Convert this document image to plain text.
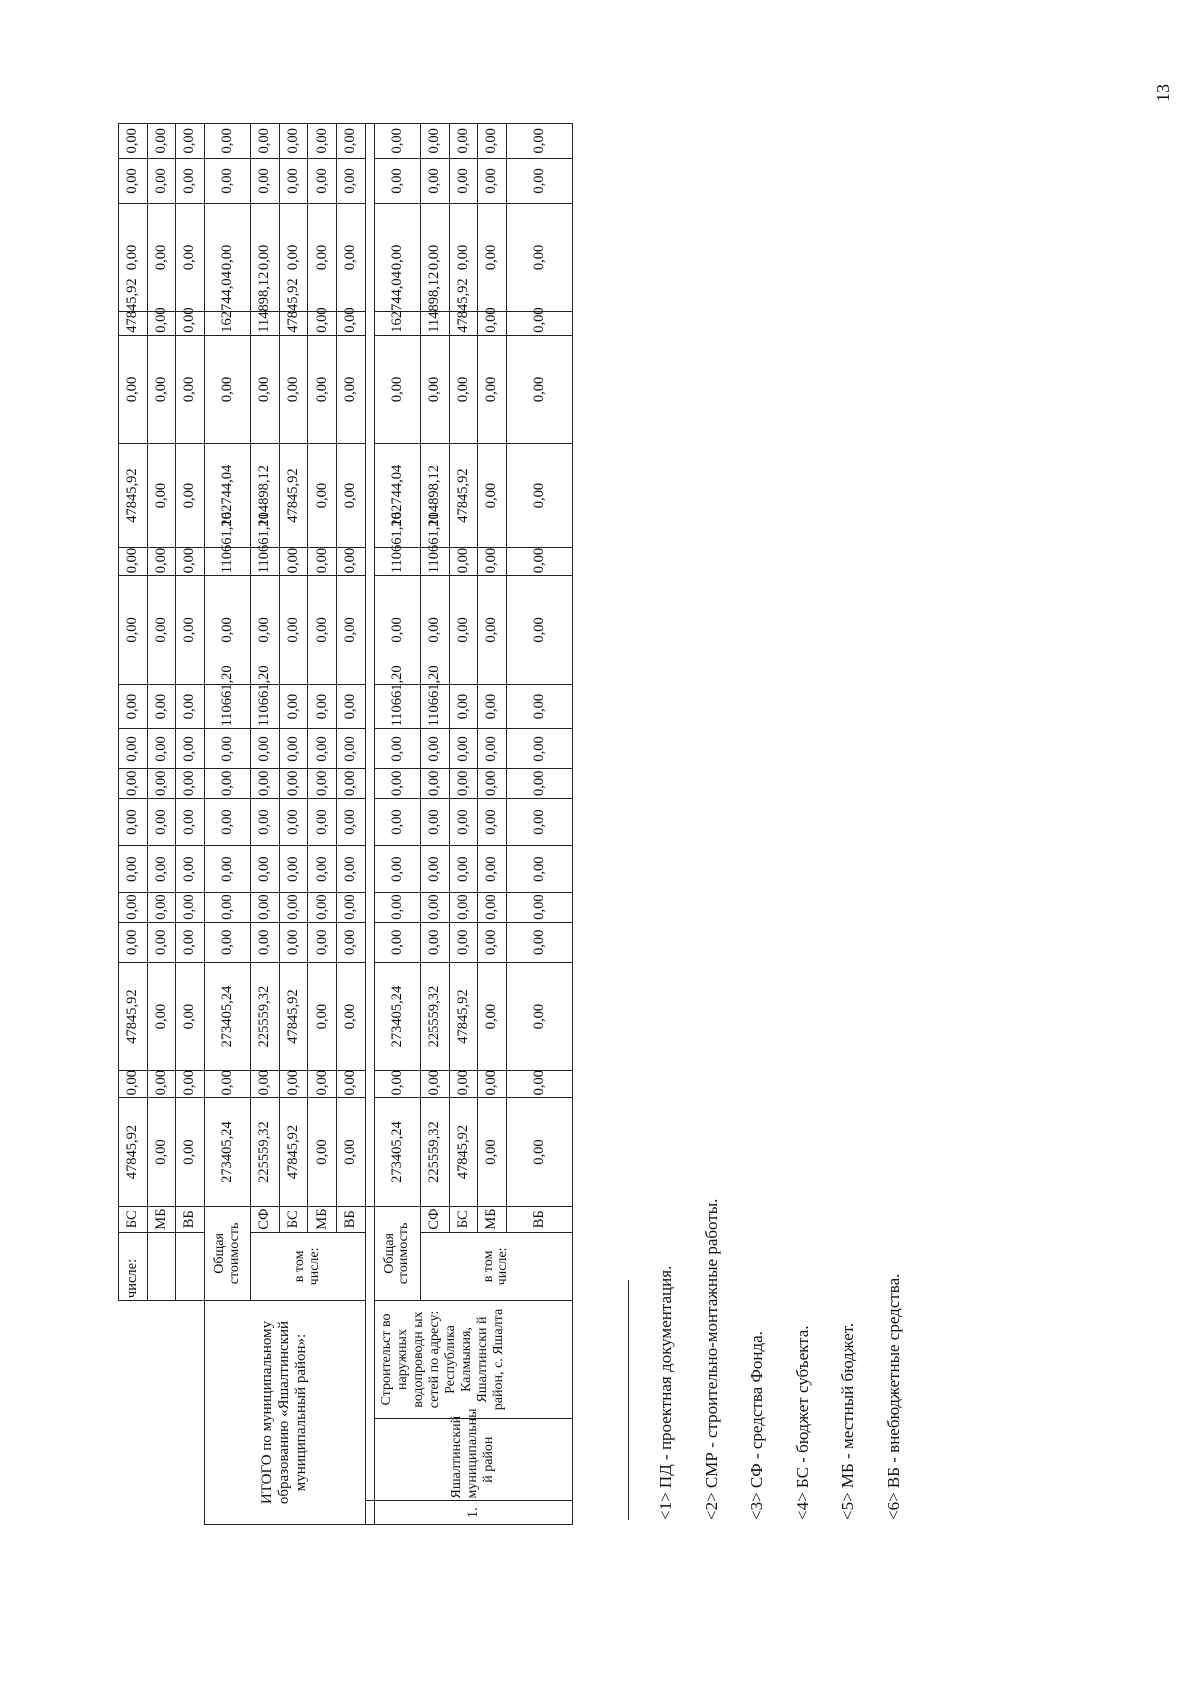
13
			числе:	БС	47845,92	0,00	47845,92	0,00	0,00	0,00	0,00	0,00	0,00	0,00	0,00	0,00	47845,92	0,00	47845,92	0,00	0,00	0,00
				МБ	0,00	0,00	0,00	0,00	0,00	0,00	0,00	0,00	0,00	0,00	0,00	0,00	0,00	0,00	0,00	0,00	0,00	0,00
				ВБ	0,00	0,00	0,00	0,00	0,00	0,00	0,00	0,00	0,00	0,00	0,00	0,00	0,00	0,00	0,00	0,00	0,00	0,00
ИТОГО по муниципальному образованию «Яшалтинский муниципальный район»:			Общая стоимость		273405,24	0,00	273405,24	0,00	0,00	0,00	0,00	0,00	0,00	110661,20	0,00	110661,20	162744,04	0,00	162744,04	0,00	0,00	0,00
			в том числе:	СФ	225559,32	0,00	225559,32	0,00	0,00	0,00	0,00	0,00	0,00	110661,20	0,00	110661,20	114898,12	0,00	114898,12	0,00	0,00	0,00
				БС	47845,92	0,00	47845,92	0,00	0,00	0,00	0,00	0,00	0,00	0,00	0,00	0,00	47845,92	0,00	47845,92	0,00	0,00	0,00
				МБ	0,00	0,00	0,00	0,00	0,00	0,00	0,00	0,00	0,00	0,00	0,00	0,00	0,00	0,00	0,00	0,00	0,00	0,00
				ВБ	0,00	0,00	0,00	0,00	0,00	0,00	0,00	0,00	0,00	0,00	0,00	0,00	0,00	0,00	0,00	0,00	0,00	0,00

1.	Яшалтинский муниципальны й район	Строительст во наружных водопроводн ых сетей по адресу: Республика Калмыкия, Яшалтински й район, с. Яшалта	Общая стоимость		273405,24	0,00	273405,24	0,00	0,00	0,00	0,00	0,00	0,00	110661,20	0,00	110661,20	162744,04	0,00	162744,04	0,00	0,00	0,00
			в том числе:	СФ	225559,32	0,00	225559,32	0,00	0,00	0,00	0,00	0,00	0,00	110661,20	0,00	110661,20	114898,12	0,00	114898,12	0,00	0,00	0,00
				БС	47845,92	0,00	47845,92	0,00	0,00	0,00	0,00	0,00	0,00	0,00	0,00	0,00	47845,92	0,00	47845,92	0,00	0,00	0,00
				МБ	0,00	0,00	0,00	0,00	0,00	0,00	0,00	0,00	0,00	0,00	0,00	0,00	0,00	0,00	0,00	0,00	0,00	0,00
				ВБ	0,00	0,00	0,00	0,00	0,00	0,00	0,00	0,00	0,00	0,00	0,00	0,00	0,00	0,00	0,00	0,00	0,00	0,00

<1> ПД - проектная документация.	<2> СМР - строительно-монтажные работы.	<3> СФ - средства Фонда.	<4> БС - бюджет субъекта.	<5> МБ - местный бюджет.	<6> ВБ - внебюджетные средства.
